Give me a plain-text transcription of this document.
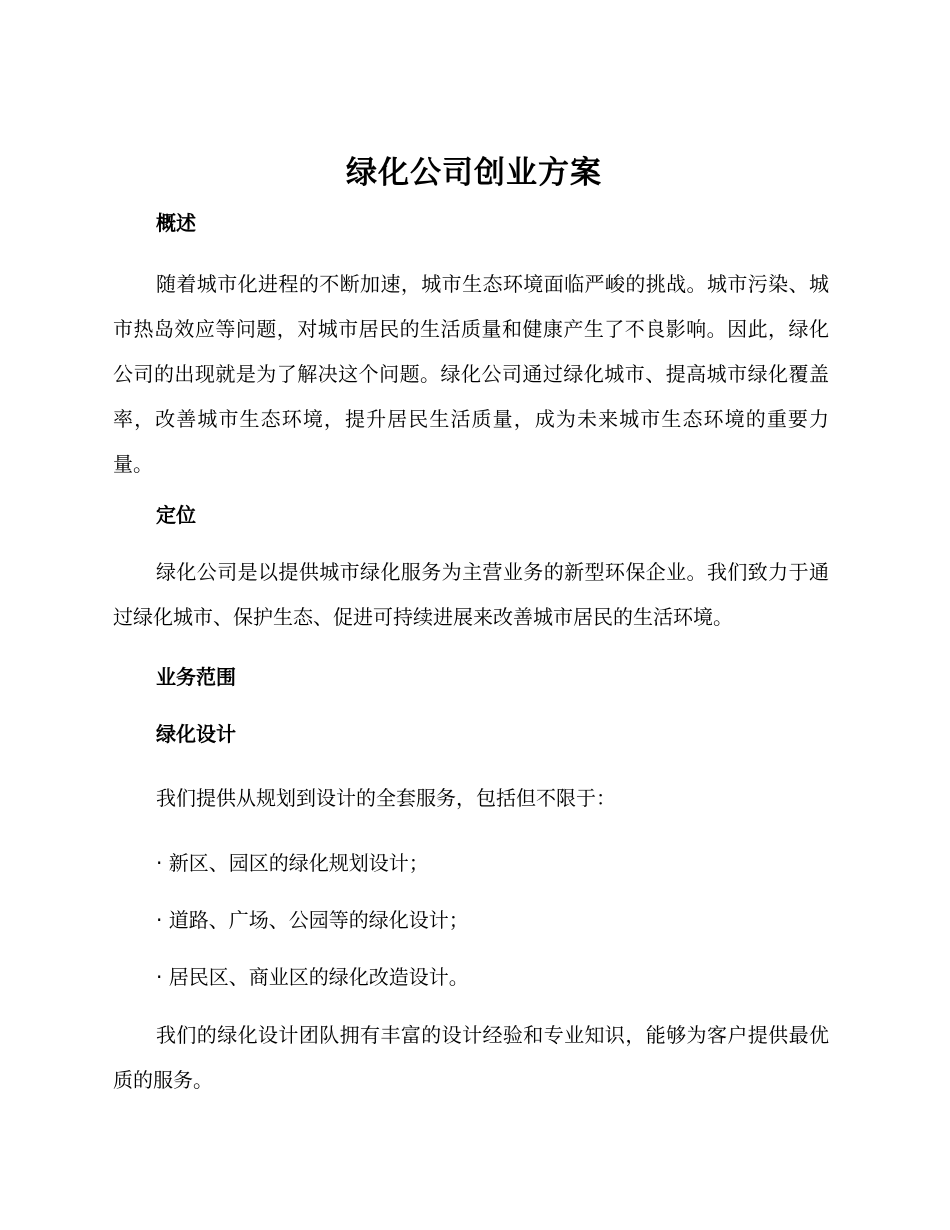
绿化公司创业方案
概述

随着城市化进程的不断加速，城市生态环境面临严峻的挑战。城市污染、城市热岛效应等问题，对城市居民的生活质量和健康产生了不良影响。因此，绿化公司的出现就是为了解决这个问题。绿化公司通过绿化城市、提高城市绿化覆盖率，改善城市生态环境，提升居民生活质量，成为未来城市生态环境的重要力量。

定位

绿化公司是以提供城市绿化服务为主营业务的新型环保企业。我们致力于通过绿化城市、保护生态、促进可持续进展来改善城市居民的生活环境。

业务范围
绿化设计

我们提供从规划到设计的全套服务，包括但不限于：

· 新区、园区的绿化规划设计；

· 道路、广场、公园等的绿化设计；

· 居民区、商业区的绿化改造设计。

我们的绿化设计团队拥有丰富的设计经验和专业知识，能够为客户提供最优质的服务。
